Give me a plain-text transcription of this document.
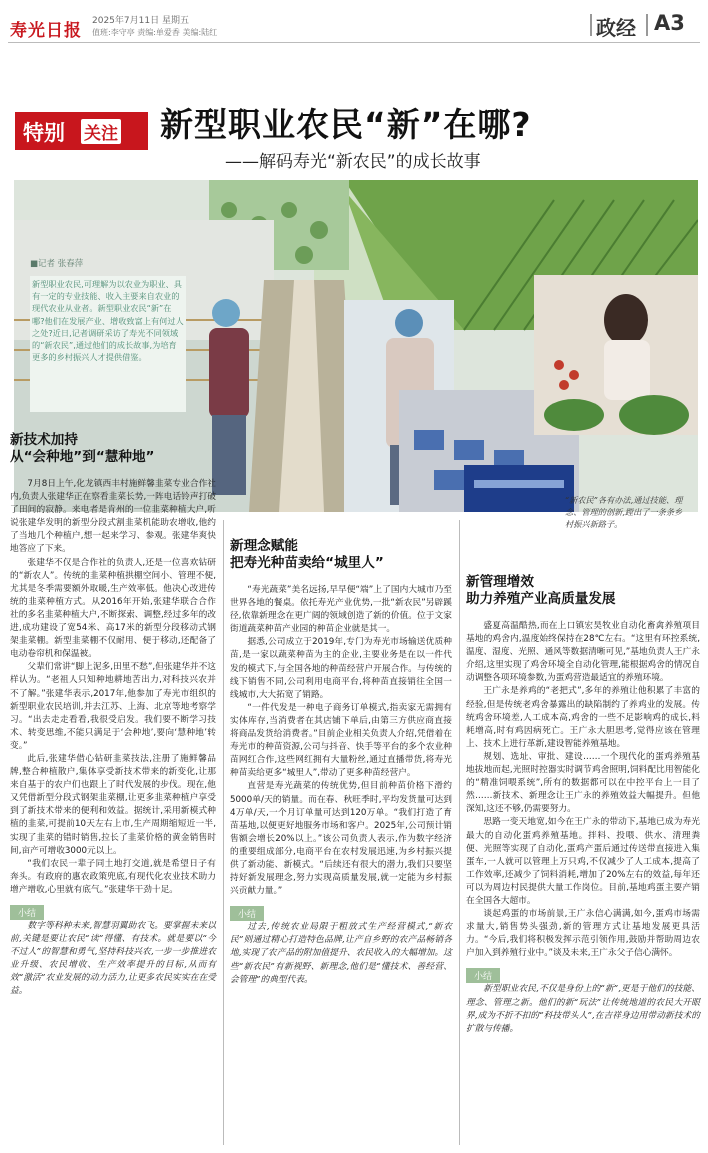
寿光日报 2025年7月11日 星期五
值班:李守亭 责编:单爱香 美编:陆红	政经 A3
特别 关注 新型职业农民“新”在哪?
——解码寿光“新农民”的成长故事
■记者 张春萍
新型职业农民,可理解为以农业为职业、具有一定的专业技能、收入主要来自农业的现代农业从业者。新型职业农民“新”在哪?他们在发展产业、增收致富上有何过人之处?近日,记者调研采访了寿光不同领域的“新农民”,通过他们的成长故事,为培育更多的乡村振兴人才提供借鉴。
“新农民”各有办法,通过技能、理念、管理的创新,蹚出了一条条乡村振兴新路子。
新技术加持
从“会种地”到“慧种地”

7月8日上午,化龙镇西丰村施鲜馨韭菜专业合作社内,负责人张建华正在察看韭菜长势,一阵电话铃声打破了田间的寂静。来电者是肯州的一位韭菜种植大户,听说张建华发明的新型分段式割韭菜机能助农增收,他约了当地几个种植户,想一起来学习、参观。张建华爽快地答应了下来。

张建华不仅是合作社的负责人,还是一位喜欢钻研的“新农人”。传统的韭菜种植拱棚空间小、管理不便,尤其是冬季需要额外取暖,生产效率低。他决心改进传统的韭菜种植方式。从2016年开始,张建华联合合作社的多名韭菜种植大户,不断探索、调整,经过多年的改进,成功建设了宽54米、高17米的新型分段移动式钢架韭菜棚。新型韭菜棚不仅耐用、便于移动,还配备了电动卷帘机和保温被。

父辈们常讲“脚上泥多,田里不愁”,但张建华并不这样认为。“老祖人只知种地耕地苦出力,对科技兴农并不了解。”张建华表示,2017年,他参加了寿光市组织的新型职业农民培训,并去江苏、上海、北京等地考察学习。“出去走走看看,我很受启发。我们要不断学习技术、转变思维,不能只满足于‘会种地’,要向‘慧种地’转变。”

此后,张建华借心钻研韭菜技法,注册了施鲜馨品牌,整合种植散户,集体享受新技术带来的新变化,让那来自基于的农户们也跟上了时代发展的步伐。现在,他又凭借新型分段式钢架韭菜棚,让更多韭菜种植户享受到了新技术带来的便利和效益。据统计,采用新模式种植的韭菜,可提前10天左右上市,生产周期缩短近一半,实现了韭菜的错时销售,拉长了韭菜价格的黄金销售时间,亩产可增收3000元以上。

“我们农民一辈子同土地打交道,就是希望日子有奔头。有政府的惠农政策兜底,有现代化农业技术助力增产增收,心里就有底气。”张建华干劲十足。

小结

数字等科种未来,智慧羽翼助农飞。要掌握未来以前,关键是要让农民“读”得懂、有技术。就是要以“今不过人”的智慧和勇气,坚持科技兴农,一步一步推进农业升级、农民增收、生产效率提升的目标,从而有效“激活”农业发展的动力活力,让更多农民实实在在受益。

新理念赋能
把寿光种苗卖给“城里人”

“寿光蔬菜”美名远扬,早早便“端”上了国内大城市乃至世界各地的餐桌。依托寿光产业优势,一批“新农民”另辟蹊径,依靠新理念在更广阔的领域创造了新的价值。位于文家街道蔬菜种苗产业园的种苗企业就是其一。

据悉,公司成立于2019年,专门为寿光市场输送优质种苗,是一家以蔬菜种苗为主的企业,主要业务是在以一件代发的模式下,与全国各地的种苗经营户开展合作。与传统的线下销售不同,公司利用电商平台,将种苗直接销往全国一线城市,大大拓宽了销路。

“一件代发是一种电子商务订单模式,指卖家无需拥有实体库存,当消费者在其店铺下单后,由第三方供应商直接将商品发货给消费者。”目前企业相关负责人介绍,凭借着在寿光市的种苗资源,公司与抖音、快手等平台的多个农业种苗网红合作,这些网红拥有大量粉丝,通过直播带货,将寿光种苗卖给更多“城里人”,带动了更多种苗经营户。

直营是寿光蔬菜的传统优势,但目前种苗价格下滑约5000单/天的销量。而在春、秋旺季时,平均发货量可达到4万单/天,一个月订单量可达到120万单。“我们打造了育苗基地,以便更好地服务市场和客户。2025年,公司预计销售额会增长20%以上。”该公司负责人表示,作为数字经济的重要组成部分,电商平台在农村发展迅速,为乡村振兴提供了新动能、新模式。“后续还有很大的潜力,我们只要坚持好新发展理念,努力实现高质量发展,就一定能为乡村振兴贡献力量。”

小结

过去,传统农业局限于粗放式生产经营模式,“新农民”则通过精心打造特色品牌,让产自乡野的农产品畅销各地,实现了农产品的附加值提升、农民收入的大幅增加。这些“新农民”有新视野、新理念,他们是“懂技术、善经营、会管理”的典型代表。

新管理增效
助力养殖产业高质量发展

盛夏高温酷热,而在上口镇宏昊牧业自动化畜禽养殖项目基地的鸡舍内,温度始终保持在28℃左右。“这里有环控系统,温度、湿度、光照、通风等数据清晰可见,”基地负责人王广永介绍,这里实现了鸡舍环境全自动化管理,能根据鸡舍的情况自动调整各项环境参数,为蛋鸡营造最适宜的养殖环境。

王广永是养鸡的“老把式”,多年的养殖让他积累了丰富的经验,但是传统老鸡舍暴露出的缺陷制约了养鸡业的发展。传统鸡舍环境差,人工成本高,鸡舍的一些不足影响鸡的成长,料耗增高,时有鸡因病死亡。王广永大胆思考,觉得应该在管理上、技术上进行革新,建设智能养殖基地。

规划、选址、审批、建设……一个现代化的蛋鸡养殖基地拔地而起,光照时控器实时调节鸡舍照明,饲料配比用智能化的“精准饲喂系统”,所有的数据都可以在中控平台上一目了然……新技术、新理念让王广永的养殖效益大幅提升。但他深知,这还不够,仍需要努力。

思路一变天地宽,如今在王广永的带动下,基地已成为寿光最大的自动化蛋鸡养殖基地。拌料、投喂、供水、清理粪便、光照等实现了自动化,蛋鸡产蛋后通过传送带直接进入集蛋车,一人就可以管理上万只鸡,不仅减少了人工成本,提高了工作效率,还减少了饲料消耗,增加了20%左右的效益,每年还可以为周边村民提供大量工作岗位。目前,基地鸡蛋主要产销在全国各大超市。

谈起鸡蛋的市场前景,王广永信心满满,如今,蛋鸡市场需求量大,销售势头强劲,新的管理方式让基地发展更具活力。“今后,我们将积极发挥示范引领作用,鼓励并帮助周边农户加入到养殖行业中。”谈及未来,王广永父子信心满怀。

小结

新型职业农民,不仅是身份上的“新”,更是于他们的技能、理念、管理之新。他们的新“玩法”让传统地道的农民大开眼界,成为不折不扣的“科技带头人”,在吉祥身边用带动新技术的扩散与传播。
